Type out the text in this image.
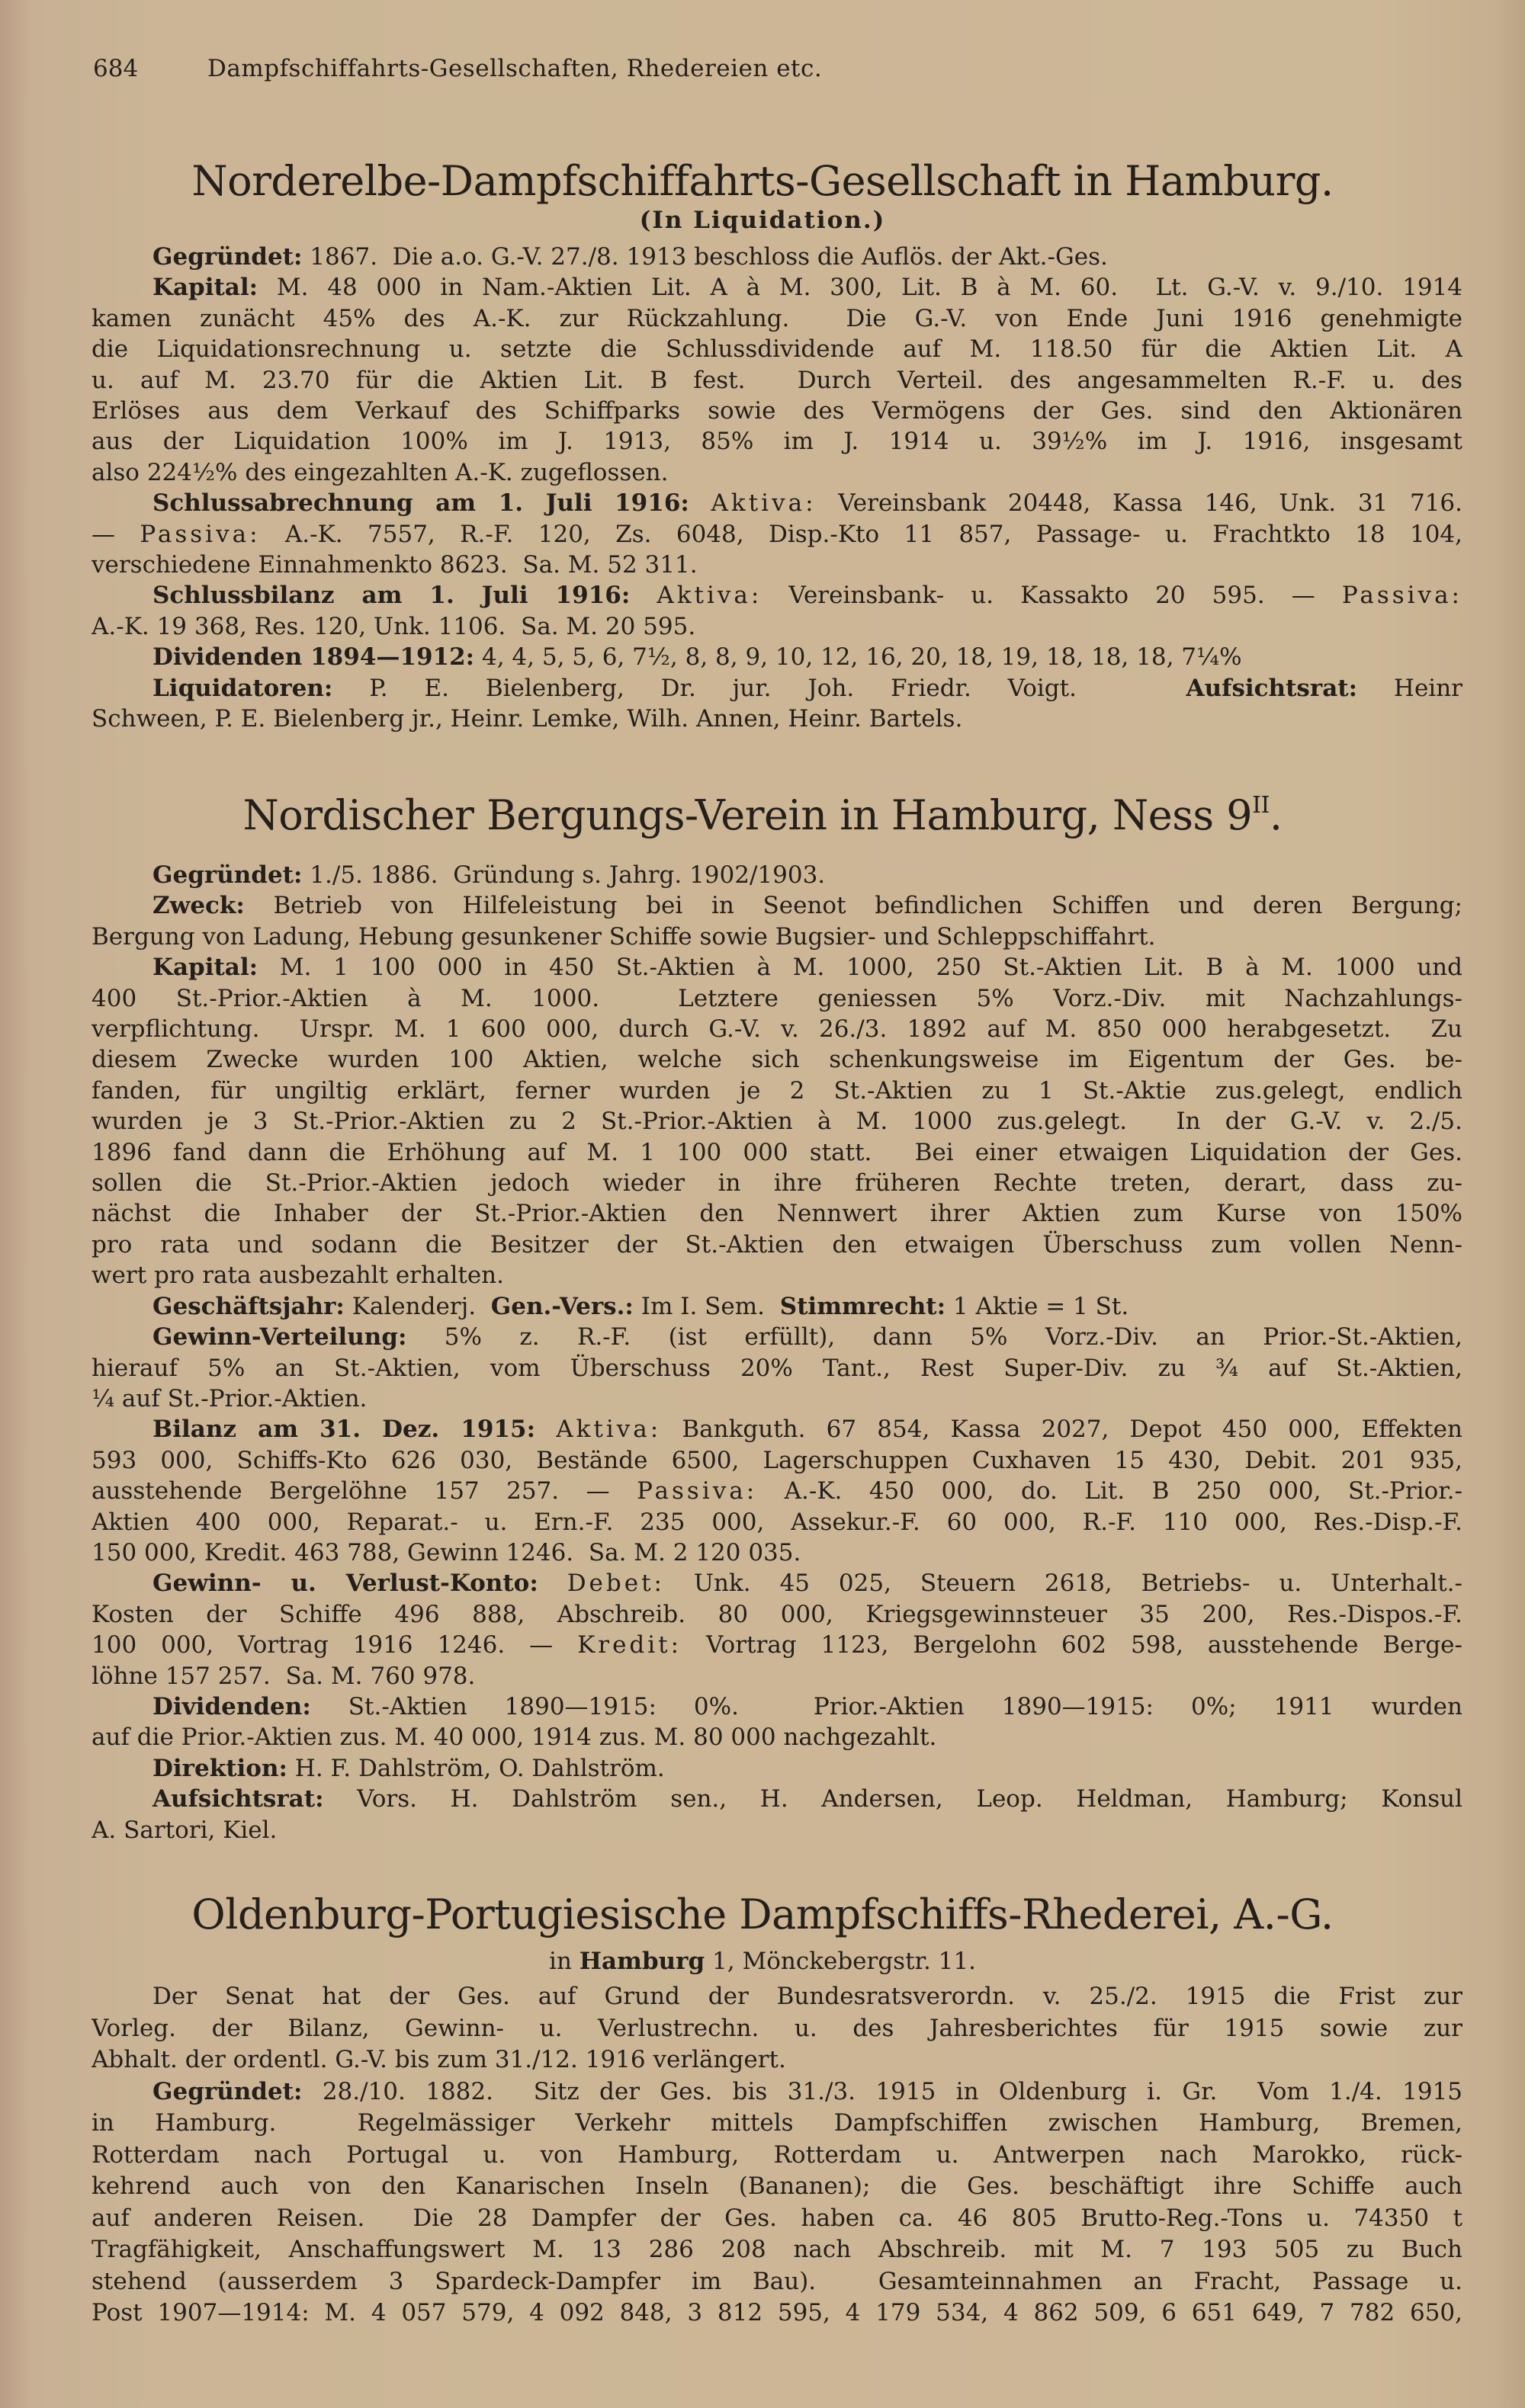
684	Dampfschiffahrts-Gesellschaften, Rhedereien etc.
Norderelbe-Dampfschiffahrts-Gesellschaft in Hamburg.
(In Liquidation.)
Gegründet: 1867.  Die a.o. G.-V. 27./8. 1913 beschloss die Auflös. der Akt.-Ges.
Kapital: M. 48 000 in Nam.-Aktien Lit. A à M. 300, Lit. B à M. 60.  Lt. G.-V. v. 9./10. 1914
kamen zunächt 45% des A.-K. zur Rückzahlung.  Die G.-V. von Ende Juni 1916 genehmigte
die Liquidationsrechnung u. setzte die Schlussdividende auf M. 118.50 für die Aktien Lit. A
u. auf M. 23.70 für die Aktien Lit. B fest.  Durch Verteil. des angesammelten R.-F. u. des
Erlöses aus dem Verkauf des Schiffparks sowie des Vermögens der Ges. sind den Aktionären
aus der Liquidation 100% im J. 1913, 85% im J. 1914 u. 39½% im J. 1916, insgesamt
also 224½% des eingezahlten A.-K. zugeflossen.
Schlussabrechnung am 1. Juli 1916: Aktiva: Vereinsbank 20448, Kassa 146, Unk. 31 716.
— Passiva: A.-K. 7557, R.-F. 120, Zs. 6048, Disp.-Kto 11 857, Passage- u. Frachtkto 18 104,
verschiedene Einnahmenkto 8623.  Sa. M. 52 311.
Schlussbilanz am 1. Juli 1916: Aktiva: Vereinsbank- u. Kassakto 20 595. — Passiva:
A.-K. 19 368, Res. 120, Unk. 1106.  Sa. M. 20 595.
Dividenden 1894—1912: 4, 4, 5, 5, 6, 7½, 8, 8, 9, 10, 12, 16, 20, 18, 19, 18, 18, 18, 7¼%
Liquidatoren: P. E. Bielenberg, Dr. jur. Joh. Friedr. Voigt.   Aufsichtsrat: Heinr
Schween, P. E. Bielenberg jr., Heinr. Lemke, Wilh. Annen, Heinr. Bartels.
Nordischer Bergungs-Verein in Hamburg, Ness $9^{II}$.
Gegründet: 1./5. 1886.  Gründung s. Jahrg. 1902/1903.
Zweck: Betrieb von Hilfeleistung bei in Seenot befindlichen Schiffen und deren Bergung;
Bergung von Ladung, Hebung gesunkener Schiffe sowie Bugsier- und Schleppschiffahrt.
Kapital: M. 1 100 000 in 450 St.-Aktien à M. 1000, 250 St.-Aktien Lit. B à M. 1000 und
400 St.-Prior.-Aktien à M. 1000.  Letztere geniessen 5% Vorz.-Div. mit Nachzahlungs-
verpflichtung.  Urspr. M. 1 600 000, durch G.-V. v. 26./3. 1892 auf M. 850 000 herabgesetzt.  Zu
diesem Zwecke wurden 100 Aktien, welche sich schenkungsweise im Eigentum der Ges. be-
fanden, für ungiltig erklärt, ferner wurden je 2 St.-Aktien zu 1 St.-Aktie zus.gelegt, endlich
wurden je 3 St.-Prior.-Aktien zu 2 St.-Prior.-Aktien à M. 1000 zus.gelegt.  In der G.-V. v. 2./5.
1896 fand dann die Erhöhung auf M. 1 100 000 statt.  Bei einer etwaigen Liquidation der Ges.
sollen die St.-Prior.-Aktien jedoch wieder in ihre früheren Rechte treten, derart, dass zu-
nächst die Inhaber der St.-Prior.-Aktien den Nennwert ihrer Aktien zum Kurse von 150%
pro rata und sodann die Besitzer der St.-Aktien den etwaigen Überschuss zum vollen Nenn-
wert pro rata ausbezahlt erhalten.
Geschäftsjahr: Kalenderj.  Gen.-Vers.: Im I. Sem.  Stimmrecht: 1 Aktie = 1 St.
Gewinn-Verteilung: 5% z. R.-F. (ist erfüllt), dann 5% Vorz.-Div. an Prior.-St.-Aktien,
hierauf 5% an St.-Aktien, vom Überschuss 20% Tant., Rest Super-Div. zu ¾ auf St.-Aktien,
¼ auf St.-Prior.-Aktien.
Bilanz am 31. Dez. 1915: Aktiva: Bankguth. 67 854, Kassa 2027, Depot 450 000, Effekten
593 000, Schiffs-Kto 626 030, Bestände 6500, Lagerschuppen Cuxhaven 15 430, Debit. 201 935,
ausstehende Bergelöhne 157 257. — Passiva: A.-K. 450 000, do. Lit. B 250 000, St.-Prior.-
Aktien 400 000, Reparat.- u. Ern.-F. 235 000, Assekur.-F. 60 000, R.-F. 110 000, Res.-Disp.-F.
150 000, Kredit. 463 788, Gewinn 1246.  Sa. M. 2 120 035.
Gewinn- u. Verlust-Konto: Debet: Unk. 45 025, Steuern 2618, Betriebs- u. Unterhalt.-
Kosten der Schiffe 496 888, Abschreib. 80 000, Kriegsgewinnsteuer 35 200, Res.-Dispos.-F.
100 000, Vortrag 1916 1246. — Kredit: Vortrag 1123, Bergelohn 602 598, ausstehende Berge-
löhne 157 257.  Sa. M. 760 978.
Dividenden: St.-Aktien 1890—1915: 0%.  Prior.-Aktien 1890—1915: 0%; 1911 wurden
auf die Prior.-Aktien zus. M. 40 000, 1914 zus. M. 80 000 nachgezahlt.
Direktion: H. F. Dahlström, O. Dahlström.
Aufsichtsrat: Vors. H. Dahlström sen., H. Andersen, Leop. Heldman, Hamburg; Konsul
A. Sartori, Kiel.
Oldenburg-Portugiesische Dampfschiffs-Rhederei, A.-G.
in Hamburg 1, Mönckebergstr. 11.
Der Senat hat der Ges. auf Grund der Bundesratsverordn. v. 25./2. 1915 die Frist zur
Vorleg. der Bilanz, Gewinn- u. Verlustrechn. u. des Jahresberichtes für 1915 sowie zur
Abhalt. der ordentl. G.-V. bis zum 31./12. 1916 verlängert.
Gegründet: 28./10. 1882.  Sitz der Ges. bis 31./3. 1915 in Oldenburg i. Gr.  Vom 1./4. 1915
in Hamburg.  Regelmässiger Verkehr mittels Dampfschiffen zwischen Hamburg, Bremen,
Rotterdam nach Portugal u. von Hamburg, Rotterdam u. Antwerpen nach Marokko, rück-
kehrend auch von den Kanarischen Inseln (Bananen); die Ges. beschäftigt ihre Schiffe auch
auf anderen Reisen.  Die 28 Dampfer der Ges. haben ca. 46 805 Brutto-Reg.-Tons u. 74350 t
Tragfähigkeit, Anschaffungswert M. 13 286 208 nach Abschreib. mit M. 7 193 505 zu Buch
stehend (ausserdem 3 Spardeck-Dampfer im Bau).  Gesamteinnahmen an Fracht, Passage u.
Post 1907—1914: M. 4 057 579, 4 092 848, 3 812 595, 4 179 534, 4 862 509, 6 651 649, 7 782 650,
